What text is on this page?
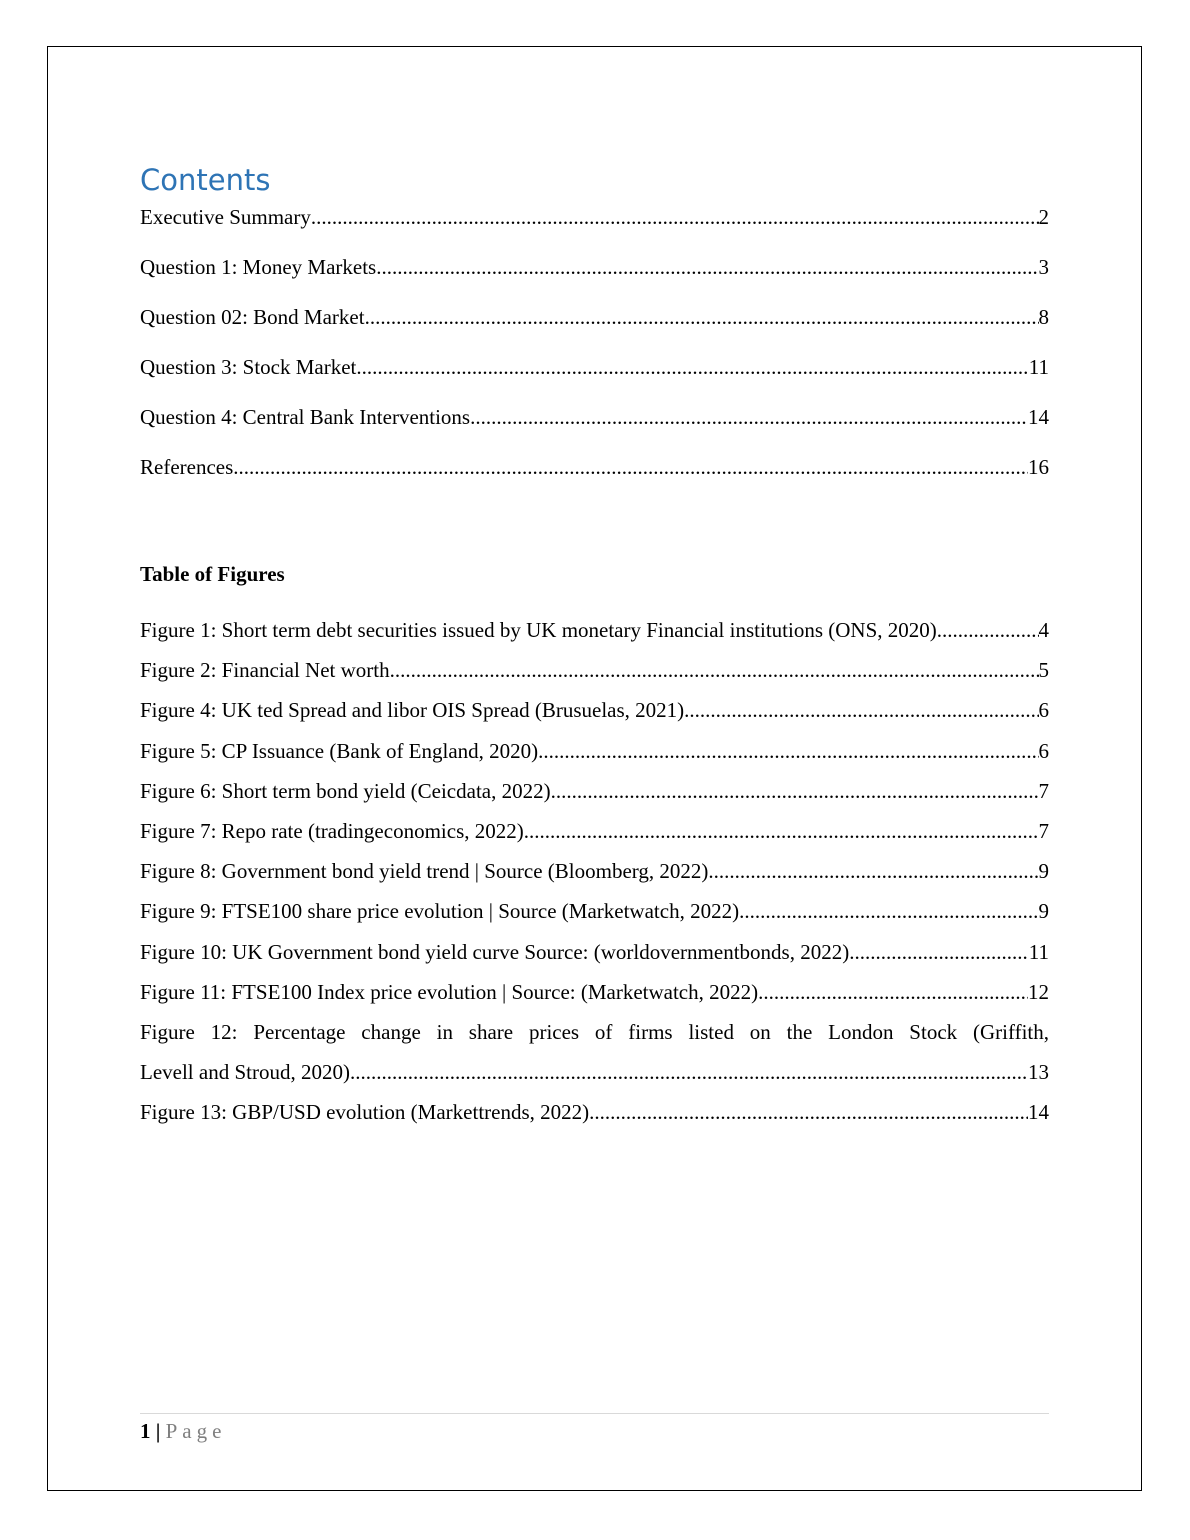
Contents
Executive Summary .....	2
Question 1: Money Markets .....	3
Question 02: Bond Market .....	8
Question 3: Stock Market .....	11
Question 4: Central Bank Interventions .....	14
References .....	16
Table of Figures
Figure 1: Short term debt securities issued by UK monetary Financial institutions (ONS, 2020) .....	4
Figure 2: Financial Net worth .....	5
Figure 4: UK ted Spread and libor OIS Spread (Brusuelas, 2021) .....	6
Figure 5: CP Issuance (Bank of England, 2020) .....	6
Figure 6: Short term bond yield (Ceicdata, 2022) .....	7
Figure 7: Repo rate (tradingeconomics, 2022) .....	7
Figure 8: Government bond yield trend | Source (Bloomberg, 2022) .....	9
Figure 9: FTSE100 share price evolution | Source (Marketwatch, 2022) .....	9
Figure 10: UK Government bond yield curve Source: (worldovernmentbonds, 2022) .....	11
Figure 11: FTSE100 Index price evolution | Source: (Marketwatch, 2022) .....	12
Figure 12: Percentage change in share prices of firms listed on the London Stock (Griffith,
Levell and Stroud, 2020) .....	13
Figure 13: GBP/USD evolution (Markettrends, 2022) .....	14
1 | Page
